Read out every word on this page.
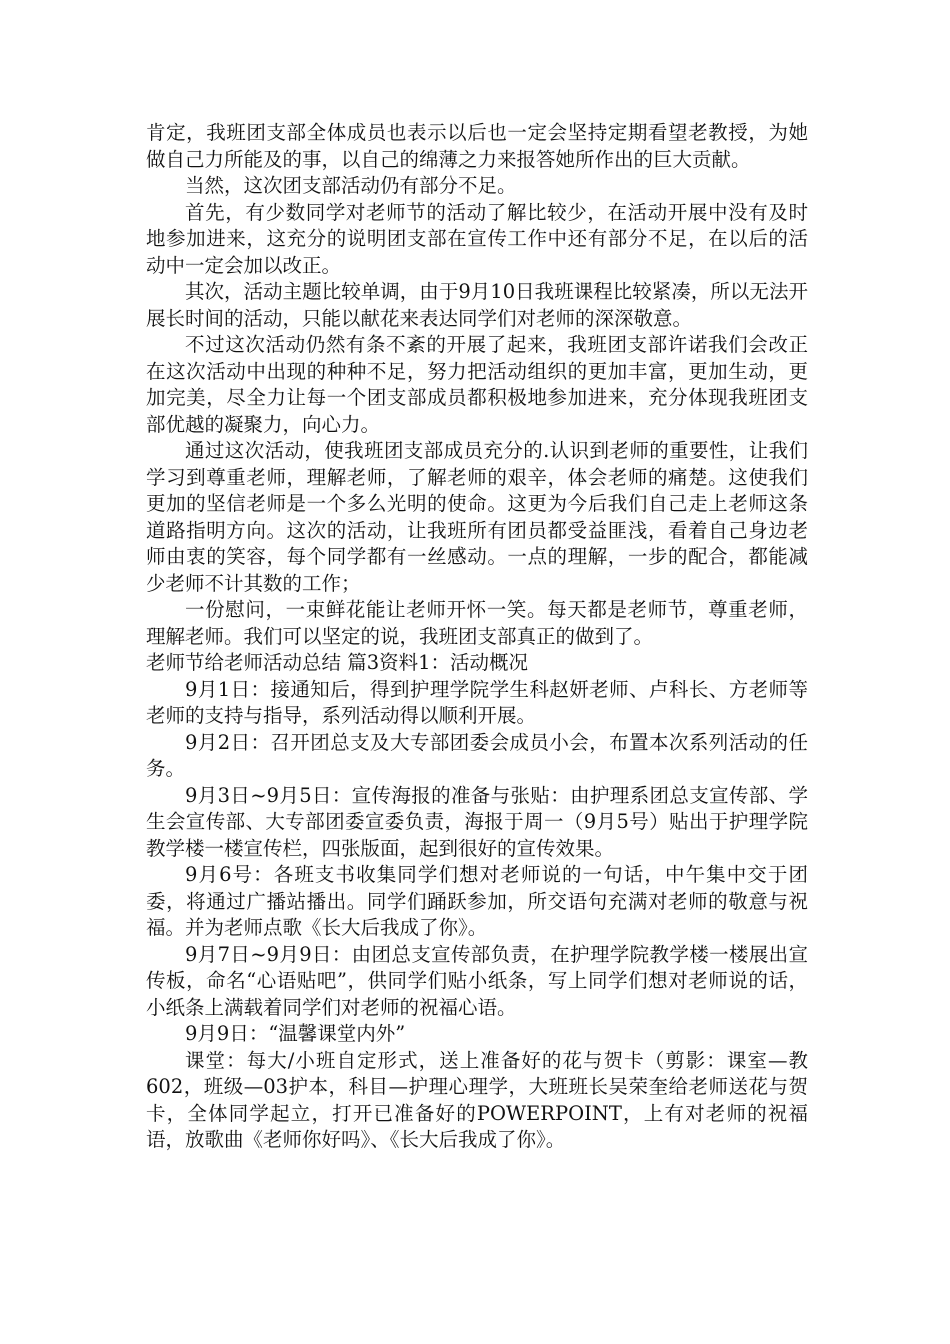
肯定，我班团支部全体成员也表示以后也一定会坚持定期看望老教授，为她做自己力所能及的事，以自己的绵薄之力来报答她所作出的巨大贡献。

当然，这次团支部活动仍有部分不足。

首先，有少数同学对老师节的活动了解比较少，在活动开展中没有及时地参加进来，这充分的说明团支部在宣传工作中还有部分不足，在以后的活动中一定会加以改正。

其次，活动主题比较单调，由于9月10日我班课程比较紧凑，所以无法开展长时间的活动，只能以献花来表达同学们对老师的深深敬意。

不过这次活动仍然有条不紊的开展了起来，我班团支部许诺我们会改正在这次活动中出现的种种不足，努力把活动组织的更加丰富，更加生动，更加完美，尽全力让每一个团支部成员都积极地参加进来，充分体现我班团支部优越的凝聚力，向心力。

通过这次活动，使我班团支部成员充分的.认识到老师的重要性，让我们学习到尊重老师，理解老师，了解老师的艰辛，体会老师的痛楚。这使我们更加的坚信老师是一个多么光明的使命。这更为今后我们自己走上老师这条道路指明方向。这次的活动，让我班所有团员都受益匪浅，看着自己身边老师由衷的笑容，每个同学都有一丝感动。一点的理解，一步的配合，都能减少老师不计其数的工作；

一份慰问，一束鲜花能让老师开怀一笑。每天都是老师节，尊重老师，理解老师。我们可以坚定的说，我班团支部真正的做到了。

老师节给老师活动总结 篇3资料1：活动概况

9月1日：接通知后，得到护理学院学生科赵妍老师、卢科长、方老师等老师的支持与指导，系列活动得以顺利开展。

9月2日：召开团总支及大专部团委会成员小会，布置本次系列活动的任务。

9月3日~9月5日：宣传海报的准备与张贴：由护理系团总支宣传部、学生会宣传部、大专部团委宣委负责，海报于周一（9月5号）贴出于护理学院教学楼一楼宣传栏，四张版面，起到很好的宣传效果。

9月6号：各班支书收集同学们想对老师说的一句话，中午集中交于团委，将通过广播站播出。同学们踊跃参加，所交语句充满对老师的敬意与祝福。并为老师点歌《长大后我成了你》。

9月7日~9月9日：由团总支宣传部负责，在护理学院教学楼一楼展出宣传板，命名“心语贴吧”，供同学们贴小纸条，写上同学们想对老师说的话，小纸条上满载着同学们对老师的祝福心语。

9月9日：“温馨课堂内外”

课堂：每大/小班自定形式，送上准备好的花与贺卡（剪影：课室—教602，班级—03护本，科目—护理心理学，大班班长吴荣奎给老师送花与贺卡，全体同学起立，打开已准备好的POWERPOINT，上有对老师的祝福语，放歌曲《老师你好吗》、《长大后我成了你》。
